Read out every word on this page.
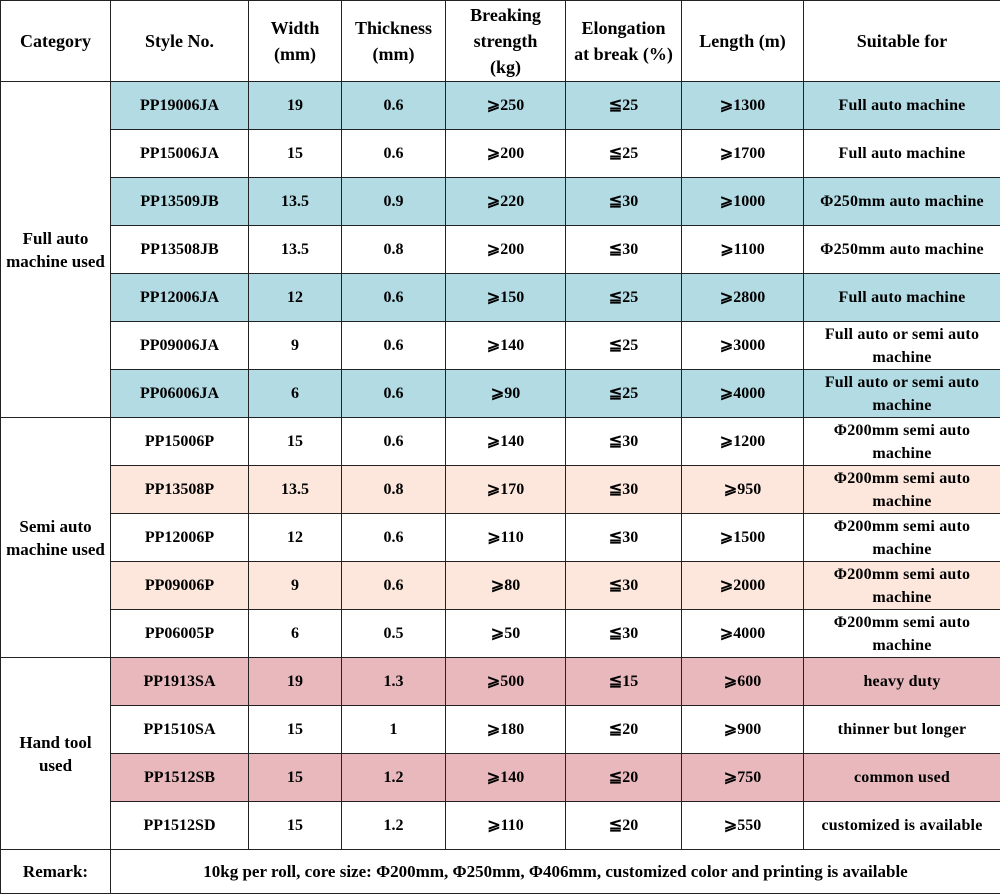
Category	Style No.	Width (mm)	Thickness (mm)	Breaking strength (kg)	Elongation at break (%)	Length (m)	Suitable for
Full auto machine used	PP19006JA	19	0.6	⩾250	≦25	⩾1300	Full auto machine
	PP15006JA	15	0.6	⩾200	≦25	⩾1700	Full auto machine
	PP13509JB	13.5	0.9	⩾220	≦30	⩾1000	Φ250mm auto machine
	PP13508JB	13.5	0.8	⩾200	≦30	⩾1100	Φ250mm auto machine
	PP12006JA	12	0.6	⩾150	≦25	⩾2800	Full auto machine
	PP09006JA	9	0.6	⩾140	≦25	⩾3000	Full auto or semi auto machine
	PP06006JA	6	0.6	⩾90	≦25	⩾4000	Full auto or semi auto machine
Semi auto machine used	PP15006P	15	0.6	⩾140	≦30	⩾1200	Φ200mm semi auto machine
	PP13508P	13.5	0.8	⩾170	≦30	⩾950	Φ200mm semi auto machine
	PP12006P	12	0.6	⩾110	≦30	⩾1500	Φ200mm semi auto machine
	PP09006P	9	0.6	⩾80	≦30	⩾2000	Φ200mm semi auto machine
	PP06005P	6	0.5	⩾50	≦30	⩾4000	Φ200mm semi auto machine
Hand tool used	PP1913SA	19	1.3	⩾500	≦15	⩾600	heavy duty
	PP1510SA	15	1	⩾180	≦20	⩾900	thinner but longer
	PP1512SB	15	1.2	⩾140	≦20	⩾750	common used
	PP1512SD	15	1.2	⩾110	≦20	⩾550	customized is available
Remark:	10kg per roll, core size: Φ200mm, Φ250mm, Φ406mm, customized color and printing is available						
